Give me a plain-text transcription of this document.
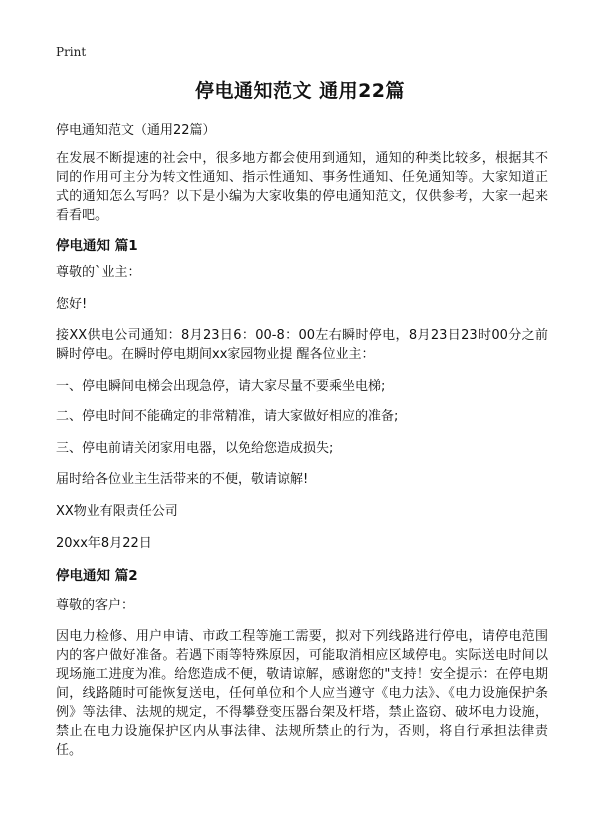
Print
停电通知范文 通用22篇

停电通知范文（通用22篇）

在发展不断提速的社会中，很多地方都会使用到通知，通知的种类比较多，根据其不同的作用可主分为转文性通知、指示性通知、事务性通知、任免通知等。大家知道正式的通知怎么写吗？以下是小编为大家收集的停电通知范文，仅供参考，大家一起来看看吧。

停电通知 篇1

尊敬的`业主：

您好!

接XX供电公司通知：8月23日6：00-8：00左右瞬时停电，8月23日23时00分之前瞬时停电。在瞬时停电期间xx家园物业提 醒各位业主：

一、停电瞬间电梯会出现急停，请大家尽量不要乘坐电梯;

二、停电时间不能确定的非常精准，请大家做好相应的准备;

三、停电前请关闭家用电器，以免给您造成损失;

届时给各位业主生活带来的不便，敬请谅解!

XX物业有限责任公司

20xx年8月22日

停电通知 篇2

尊敬的客户：

因电力检修、用户申请、市政工程等施工需要，拟对下列线路进行停电，请停电范围内的客户做好准备。若遇下雨等特殊原因，可能取消相应区域停电。实际送电时间以现场施工进度为准。给您造成不便，敬请谅解，感谢您的"支持！安全提示：在停电期间，线路随时可能恢复送电，任何单位和个人应当遵守《电力法》、《电力设施保护条例》等法律、法规的规定，不得攀登变压器台架及杆塔，禁止盗窃、破坏电力设施，禁止在电力设施保护区内从事法律、法规所禁止的行为，否则，将自行承担法律责任。
